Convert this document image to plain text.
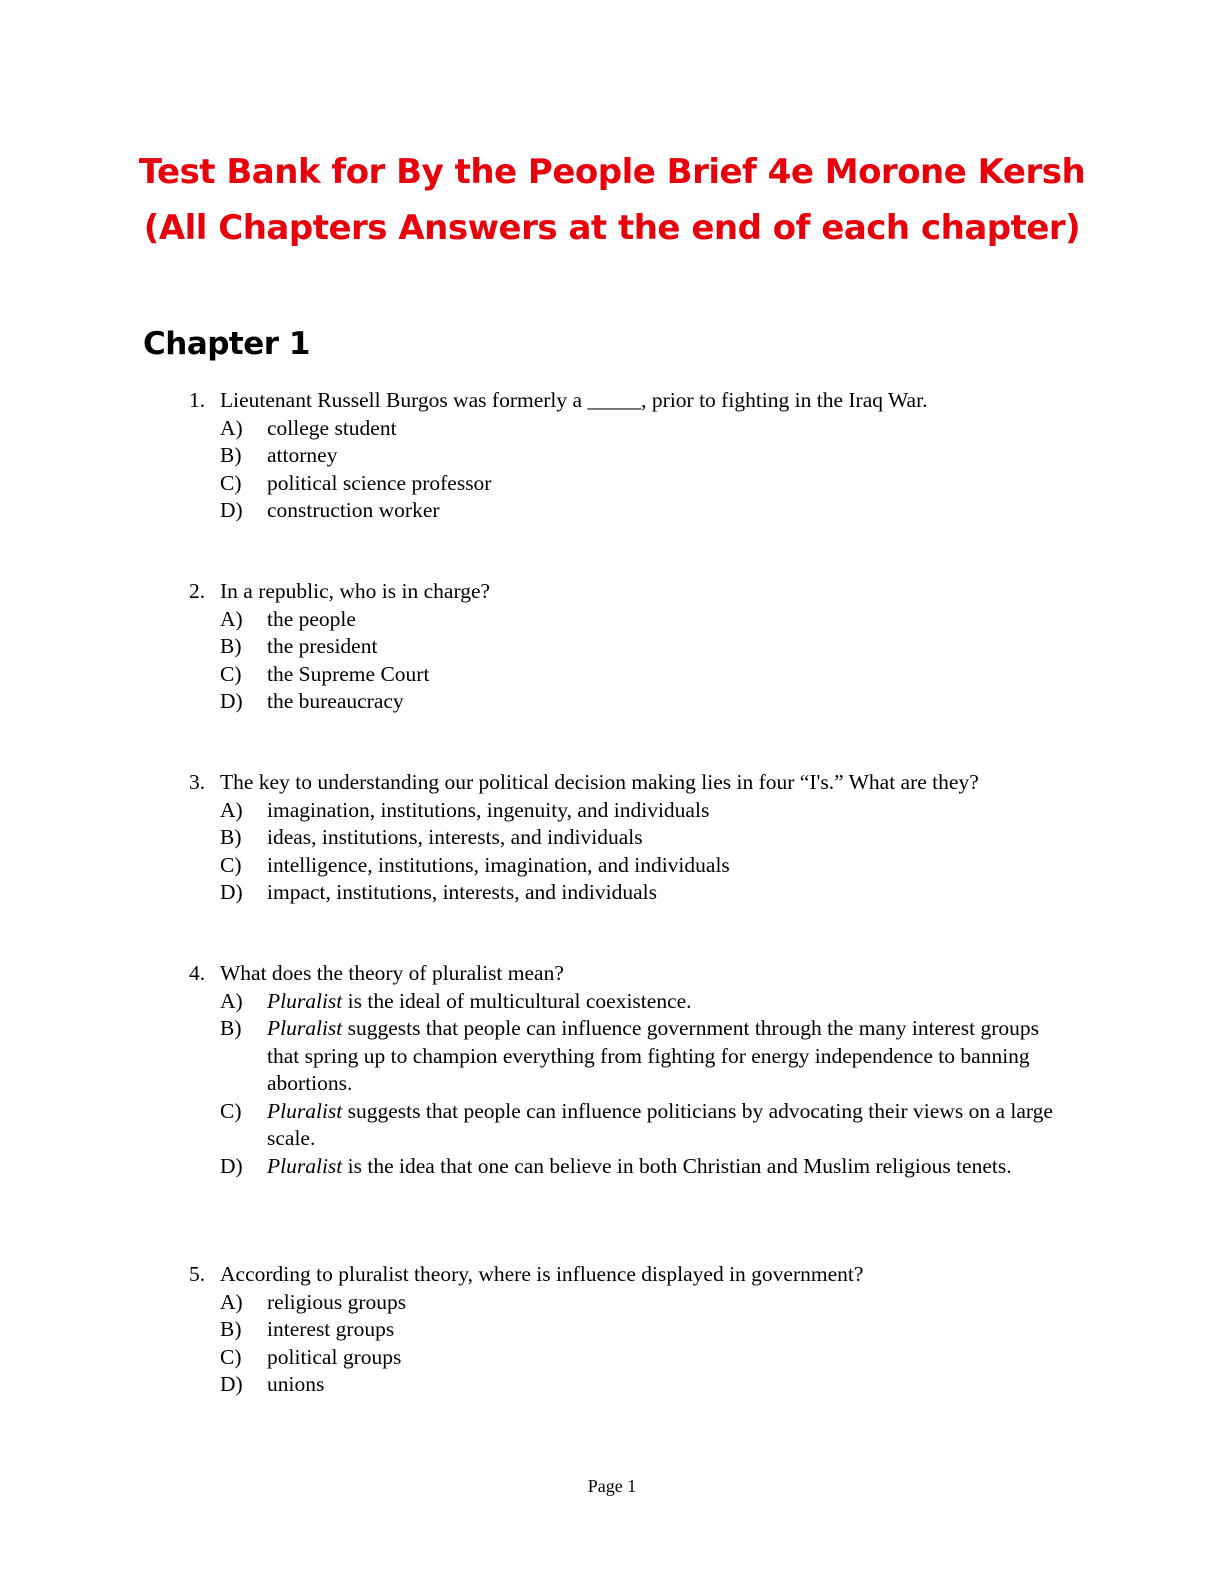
Test Bank for By the People Brief 4e Morone Kersh
(All Chapters Answers at the end of each chapter)
Chapter 1
1. Lieutenant Russell Burgos was formerly a _____, prior to fighting in the Iraq War.
A)	college student
B)	attorney
C)	political science professor
D)	construction worker
2. In a republic, who is in charge?
A)	the people
B)	the president
C)	the Supreme Court
D)	the bureaucracy
3. The key to understanding our political decision making lies in four “I's.” What are they?
A)	imagination, institutions, ingenuity, and individuals
B)	ideas, institutions, interests, and individuals
C)	intelligence, institutions, imagination, and individuals
D)	impact, institutions, interests, and individuals
4. What does the theory of pluralist mean?
A)	Pluralist is the ideal of multicultural coexistence.
B)	Pluralist suggests that people can influence government through the many interest groups that spring up to champion everything from fighting for energy independence to banning abortions.
C)	Pluralist suggests that people can influence politicians by advocating their views on a large scale.
D)	Pluralist is the idea that one can believe in both Christian and Muslim religious tenets.
5. According to pluralist theory, where is influence displayed in government?
A)	religious groups
B)	interest groups
C)	political groups
D)	unions
Page 1
